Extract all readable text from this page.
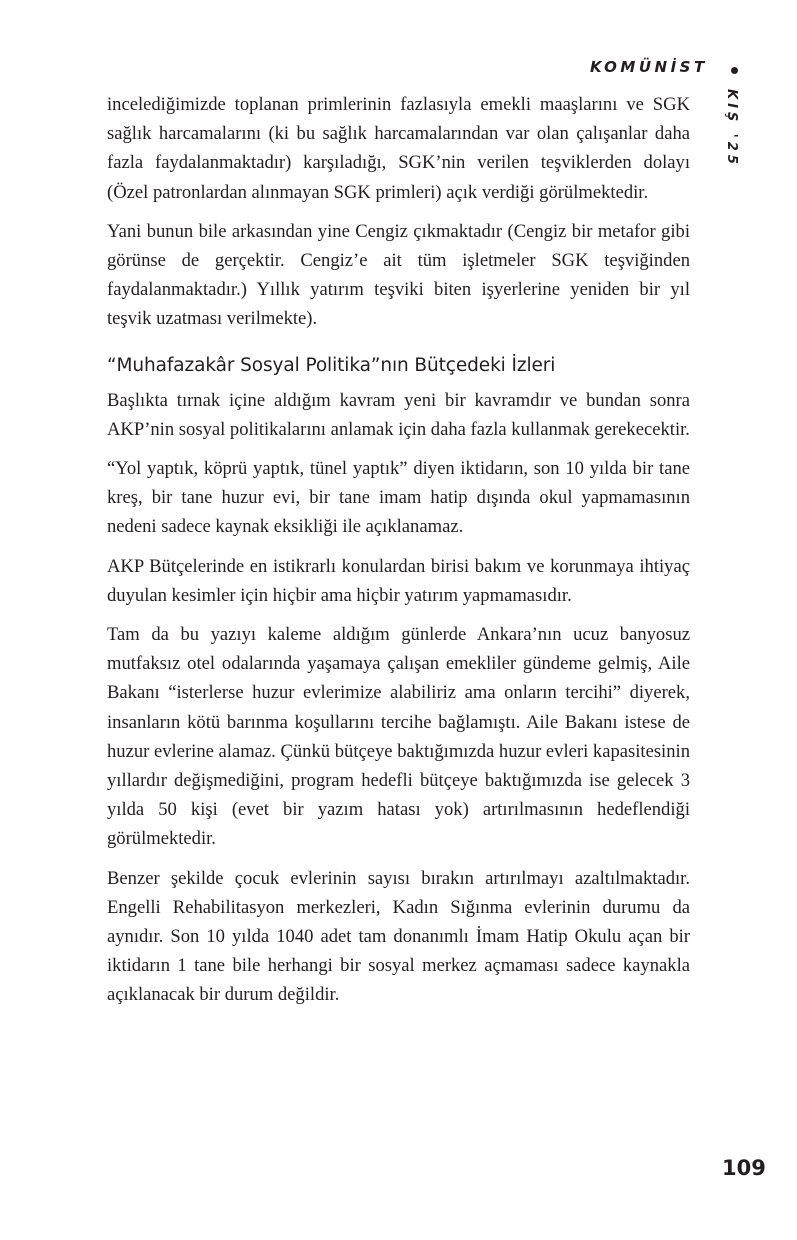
KOMÜNİST
KIŞ '25

incelediğimizde toplanan primlerinin fazlasıyla emekli maaşlarını ve SGK sağlık harcamalarını (ki bu sağlık harcamalarından var olan çalışanlar daha fazla faydalanmaktadır) karşıladığı, SGK’nin verilen teşviklerden dolayı (Özel patronlardan alınmayan SGK primleri) açık verdiği görülmektedir.

Yani bunun bile arkasından yine Cengiz çıkmaktadır (Cengiz bir metafor gibi görünse de gerçektir. Cengiz’e ait tüm işletmeler SGK teşviğinden faydalanmaktadır.) Yıllık yatırım teşviki biten işyerlerine yeniden bir yıl teşvik uzatması verilmekte).

“Muhafazakâr Sosyal Politika”nın Bütçedeki İzleri

Başlıkta tırnak içine aldığım kavram yeni bir kavramdır ve bundan sonra AKP’nin sosyal politikalarını anlamak için daha fazla kullanmak gerekecektir.

“Yol yaptık, köprü yaptık, tünel yaptık” diyen iktidarın, son 10 yılda bir tane kreş, bir tane huzur evi, bir tane imam hatip dışında okul yapmamasının nedeni sadece kaynak eksikliği ile açıklanamaz.

AKP Bütçelerinde en istikrarlı konulardan birisi bakım ve korunmaya ihtiyaç duyulan kesimler için hiçbir ama hiçbir yatırım yapmamasıdır.

Tam da bu yazıyı kaleme aldığım günlerde Ankara’nın ucuz banyosuz mutfaksız otel odalarında yaşamaya çalışan emekliler gündeme gelmiş, Aile Bakanı “isterlerse huzur evlerimize alabiliriz ama onların tercihi” diyerek, insanların kötü barınma koşullarını tercihe bağlamıştı. Aile Bakanı istese de huzur evlerine alamaz. Çünkü bütçeye baktığımızda huzur evleri kapasitesinin yıllardır değişmediğini, program hedefli bütçeye baktığımızda ise gelecek 3 yılda 50 kişi (evet bir yazım hatası yok) artırılmasının hedeflendiği görülmektedir.

Benzer şekilde çocuk evlerinin sayısı bırakın artırılmayı azaltılmaktadır. Engelli Rehabilitasyon merkezleri, Kadın Sığınma evlerinin durumu da aynıdır. Son 10 yılda 1040 adet tam donanımlı İmam Hatip Okulu açan bir iktidarın 1 tane bile herhangi bir sosyal merkez açmaması sadece kaynakla açıklanacak bir durum değildir.

109
